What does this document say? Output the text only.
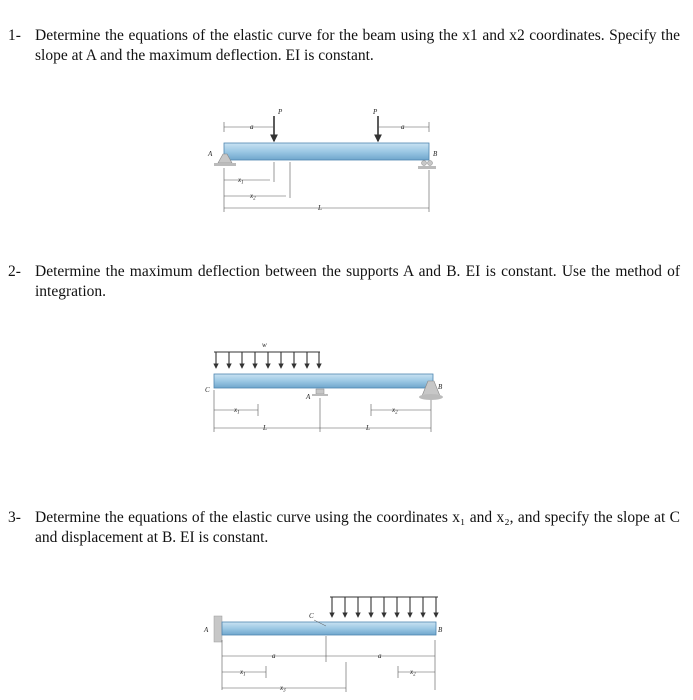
1- Determine the equations of the elastic curve for the beam using the x1 and x2 coordinates. Specify the slope at A and the maximum deflection. EI is constant.
2- Determine the maximum deflection between the supports A and B. EI is constant. Use the method of integration.
3- Determine the equations of the elastic curve using the coordinates x₁ and x₂, and specify the slope at C and displacement at B. EI is constant.
P	P
a	a
A	B
$x_1$
$x_2$
L
w
C
A
B
$x_1$	$x_2$
L	L
A	B
C
a	a
$x_1$	$x_2$
$x_3$
